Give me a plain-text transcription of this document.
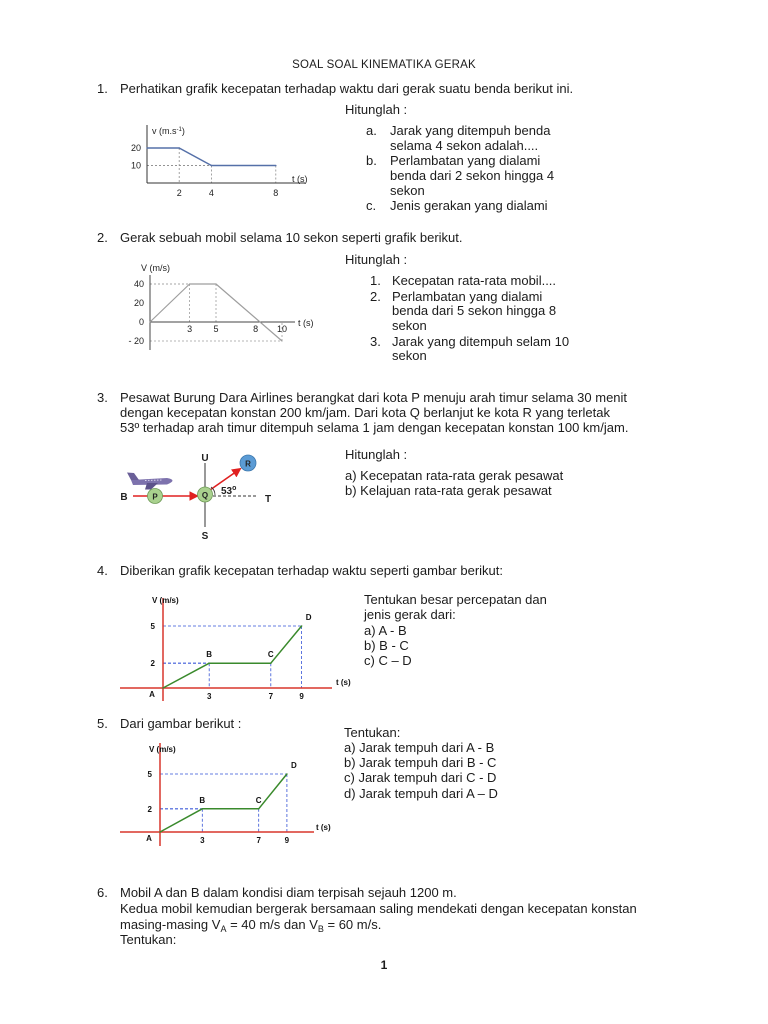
SOAL SOAL KINEMATIKA GERAK
1. Perhatikan grafik kecepatan terhadap waktu dari gerak suatu benda berikut ini.
Hitunglah :
a. Jarak yang ditempuh benda
selama 4 sekon adalah....
b. Perlambatan yang dialami
benda dari 2 sekon hingga 4
sekon
c. Jenis gerakan yang dialami
2. Gerak sebuah mobil selama 10 sekon seperti grafik berikut.
Hitunglah :
1. Kecepatan rata-rata mobil....
2. Perlambatan yang dialami
benda dari 5 sekon hingga 8
sekon
3. Jarak yang ditempuh selam 10
sekon
3. Pesawat Burung Dara Airlines berangkat dari kota P menuju arah timur selama 30 menit
dengan kecepatan konstan 200 km/jam. Dari kota Q berlanjut ke kota R yang terletak
53º terhadap arah timur ditempuh selama 1 jam dengan kecepatan konstan 100 km/jam.
Hitunglah :
a) Kecepatan rata-rata gerak pesawat
b) Kelajuan rata-rata gerak pesawat
4. Diberikan grafik kecepatan terhadap waktu seperti gambar berikut:
Tentukan besar percepatan dan
jenis gerak dari:
a) A - B
b) B - C
c) C – D
5. Dari gambar berikut :
Tentukan:
a) Jarak tempuh dari A - B
b) Jarak tempuh dari B - C
c) Jarak tempuh dari C - D
d) Jarak tempuh dari A – D
6. Mobil A dan B dalam kondisi diam terpisah sejauh 1200 m.
Kedua mobil kemudian bergerak bersamaan saling mendekati dengan kecepatan konstan
masing-masing $V_A = 40$ m/s dan $V_B = 60$ m/s.
Tentukan:
1
P	Q
R
U
S
B	T
53$^o$
2	4	8
20
10
v $(m.s^{-1})$
t (s)
3 5	8 10
40
20
0
- 20
V (m/s)
t (s)
3	7	9
5
2
A
B	C
D
V (m/s)
t (s)
3	7	9
5
2
A
B	C
D
V (m/s)
t (s)
